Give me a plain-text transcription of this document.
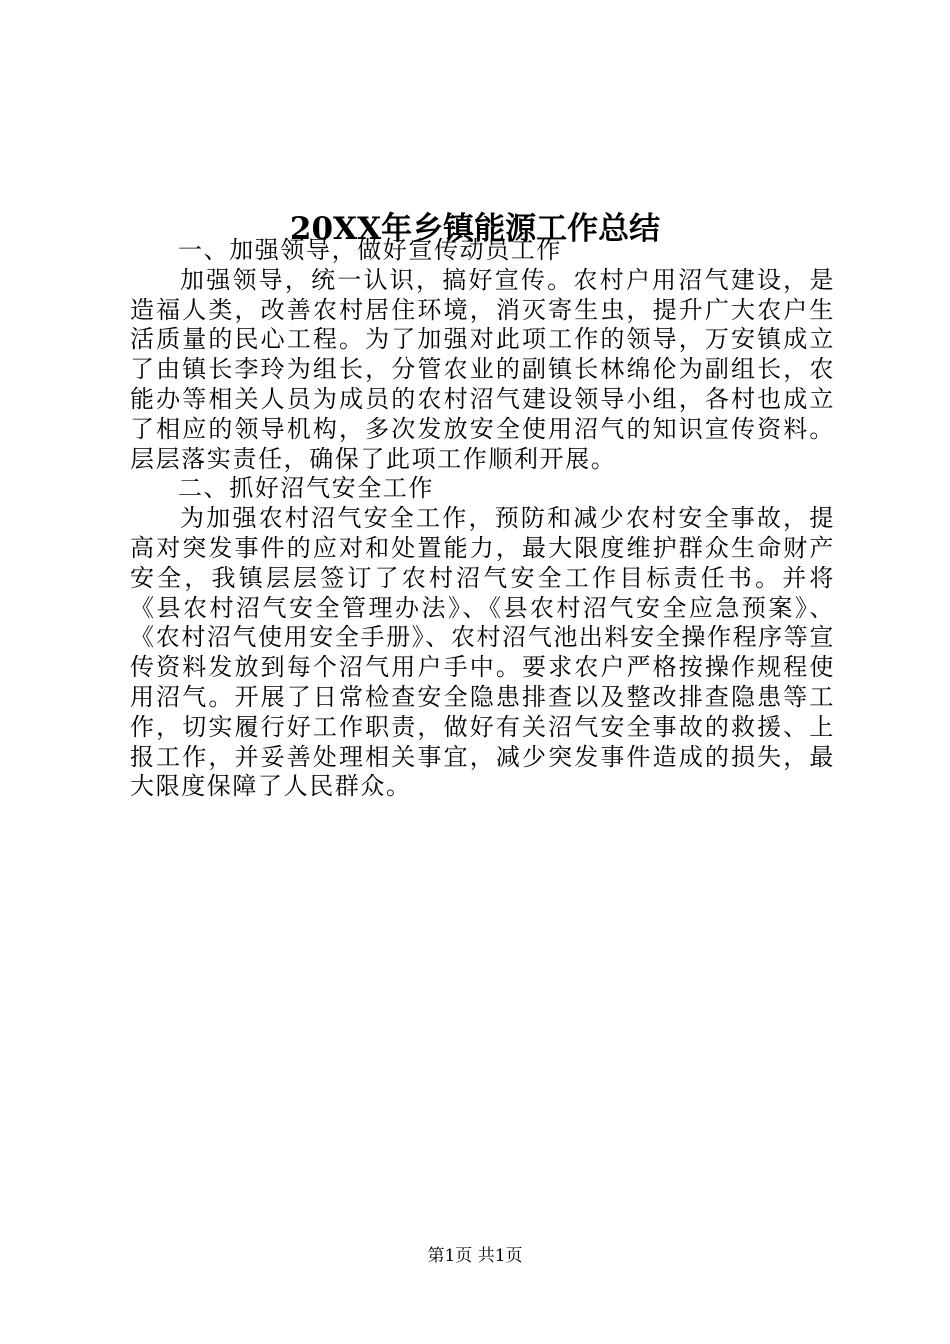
20XX年乡镇能源工作总结

一、加强领导，做好宣传动员工作

加强领导，统一认识，搞好宣传。农村户用沼气建设，是造福人类，改善农村居住环境，消灭寄生虫，提升广大农户生活质量的民心工程。为了加强对此项工作的领导，万安镇成立了由镇长李玲为组长，分管农业的副镇长林绵伦为副组长，农能办等相关人员为成员的农村沼气建设领导小组，各村也成立了相应的领导机构，多次发放安全使用沼气的知识宣传资料。层层落实责任，确保了此项工作顺利开展。

二、抓好沼气安全工作

为加强农村沼气安全工作，预防和减少农村安全事故，提高对突发事件的应对和处置能力，最大限度维护群众生命财产安全，我镇层层签订了农村沼气安全工作目标责任书。并将《县农村沼气安全管理办法》、《县农村沼气安全应急预案》、《农村沼气使用安全手册》、农村沼气池出料安全操作程序等宣传资料发放到每个沼气用户手中。要求农户严格按操作规程使用沼气。开展了日常检查安全隐患排查以及整改排查隐患等工作，切实履行好工作职责，做好有关沼气安全事故的救援、上报工作，并妥善处理相关事宜，减少突发事件造成的损失，最大限度保障了人民群众。

第1页 共1页
